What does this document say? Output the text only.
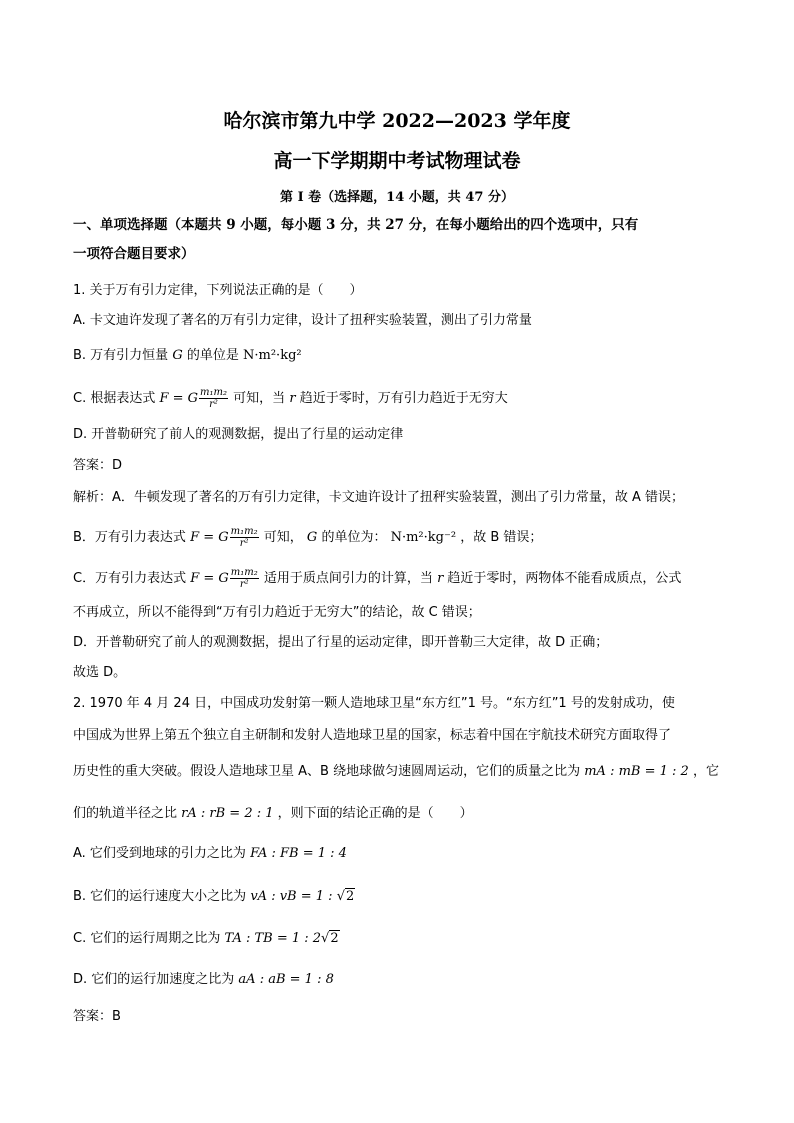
哈尔滨市第九中学 2022—2023 学年度
高一下学期期中考试物理试卷
第 I 卷（选择题，14 小题，共 47 分）
一、单项选择题（本题共 9 小题，每小题 3 分，共 27 分，在每小题给出的四个选项中，只有
一项符合题目要求）
1. 关于万有引力定律，下列说法正确的是（　　）
A. 卡文迪许发现了著名的万有引力定律，设计了扭秤实验装置，测出了引力常量
B. 万有引力恒量 G 的单位是 N·m²·kg²
C. 根据表达式 F = G $\frac{\text{m₁m₂}}{\text{r²}}$ 可知，当 r 趋近于零时，万有引力趋近于无穷大
D. 开普勒研究了前人的观测数据，提出了行星的运动定律
答案：D
解析：A．牛顿发现了著名的万有引力定律，卡文迪许设计了扭秤实验装置，测出了引力常量，故 A 错误；
B．万有引力表达式 F = G $\frac{\text{m₁m₂}}{\text{r²}}$ 可知， G 的单位为： N·m²·kg⁻² ，故 B 错误；
C．万有引力表达式 F = G $\frac{\text{m₁m₂}}{\text{r²}}$ 适用于质点间引力的计算，当 r 趋近于零时，两物体不能看成质点，公式
不再成立，所以不能得到“万有引力趋近于无穷大”的结论，故 C 错误；
D．开普勒研究了前人的观测数据，提出了行星的运动定律，即开普勒三大定律，故 D 正确；
故选 D。
2. 1970 年 4 月 24 日，中国成功发射第一颗人造地球卫星“东方红”1 号。“东方红”1 号的发射成功，使
中国成为世界上第五个独立自主研制和发射人造地球卫星的国家，标志着中国在宇航技术研究方面取得了
历史性的重大突破。假设人造地球卫星 A、B 绕地球做匀速圆周运动，它们的质量之比为 mA : mB = 1 : 2 ，它
们的轨道半径之比 rA : rB = 2 : 1 ，则下面的结论正确的是（　　）
A. 它们受到地球的引力之比为 FA : FB = 1 : 4
B. 它们的运行速度大小之比为 vA : vB = 1 : √2
C. 它们的运行周期之比为 TA : TB = 1 : 2√2
D. 它们的运行加速度之比为 aA : aB = 1 : 8
答案：B
